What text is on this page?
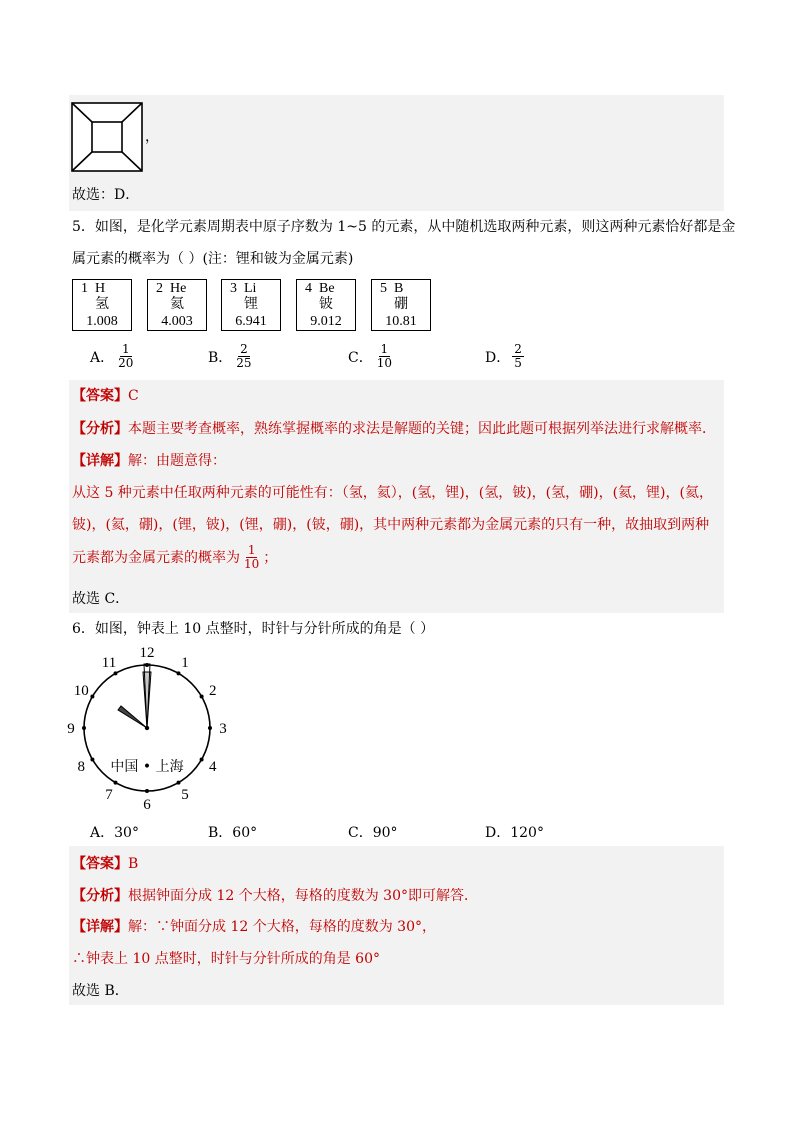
，
故选：D．
5．如图，是化学元素周期表中原子序数为 1~5 的元素，从中随机选取两种元素，则这两种元素恰好都是金
属元素的概率为（ ）(注：锂和铍为金属元素)
1 H
氢
1.008
2 He
氦
4.003
3 Li
锂
6.941
4 Be
铍
9.012
5 B
硼
10.81
A． $\frac{1}{20}$	B． $\frac{2}{25}$	C． $\frac{1}{10}$	D． $\frac{2}{5}$
【答案】C
【分析】本题主要考查概率，熟练掌握概率的求法是解题的关键；因此此题可根据列举法进行求解概率．
【详解】解：由题意得：
从这 5 种元素中任取两种元素的可能性有：（氢，氦），(氢，锂)，(氢，铍)，(氢，硼)，(氦，锂)，(氦，
铍)，(氦，硼)，(锂，铍)，(锂，硼)，(铍，硼)，其中两种元素都为金属元素的只有一种，故抽取到两种
元素都为金属元素的概率为 $\frac{1}{10}$ ；
故选 C．
6．如图，钟表上 10 点整时，时针与分针所成的角是（ ）
12
1
2
3
4
5
6
7
8
9
10
11
中国 • 上海
A．30°	B．60°	C．90°	D．120°
【答案】B
【分析】根据钟面分成 12 个大格，每格的度数为 30°即可解答．
【详解】解：∵钟面分成 12 个大格，每格的度数为 30°，
∴钟表上 10 点整时，时针与分针所成的角是 60°
故选 B．
